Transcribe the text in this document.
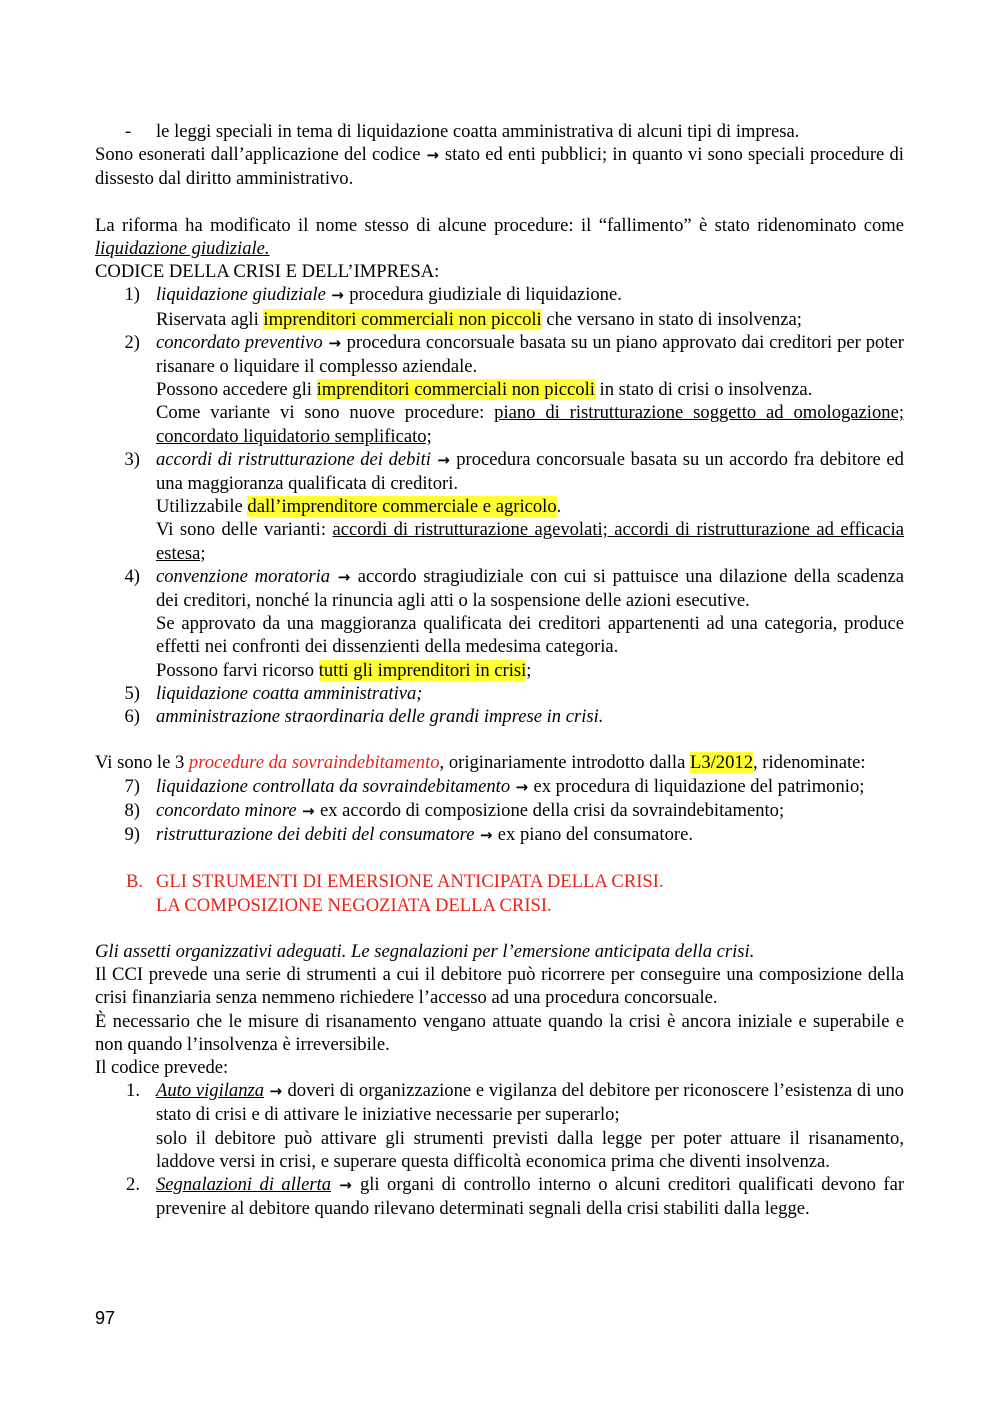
-	le leggi speciali in tema di liquidazione coatta amministrativa di alcuni tipi di impresa.

Sono esonerati dall’applicazione del codice → stato ed enti pubblici; in quanto vi sono speciali procedure di dissesto dal diritto amministrativo.

La riforma ha modificato il nome stesso di alcune procedure: il “fallimento” è stato ridenominato come liquidazione giudiziale.

CODICE DELLA CRISI E DELL’IMPRESA:

1) liquidazione giudiziale → procedura giudiziale di liquidazione.
Riservata agli imprenditori commerciali non piccoli che versano in stato di insolvenza;
2) concordato preventivo → procedura concorsuale basata su un piano approvato dai creditori per poter risanare o liquidare il complesso aziendale.
Possono accedere gli imprenditori commerciali non piccoli in stato di crisi o insolvenza.
Come variante vi sono nuove procedure: piano di ristrutturazione soggetto ad omologazione; concordato liquidatorio semplificato;
3) accordi di ristrutturazione dei debiti → procedura concorsuale basata su un accordo fra debitore ed una maggioranza qualificata di creditori.
Utilizzabile dall’imprenditore commerciale e agricolo.
Vi sono delle varianti: accordi di ristrutturazione agevolati; accordi di ristrutturazione ad efficacia estesa;
4) convenzione moratoria → accordo stragiudiziale con cui si pattuisce una dilazione della scadenza dei creditori, nonché la rinuncia agli atti o la sospensione delle azioni esecutive.
Se approvato da una maggioranza qualificata dei creditori appartenenti ad una categoria, produce effetti nei confronti dei dissenzienti della medesima categoria.
Possono farvi ricorso tutti gli imprenditori in crisi;
5) liquidazione coatta amministrativa;
6) amministrazione straordinaria delle grandi imprese in crisi.

Vi sono le 3 procedure da sovraindebitamento, originariamente introdotto dalla L3/2012, ridenominate:

7) liquidazione controllata da sovraindebitamento → ex procedura di liquidazione del patrimonio;
8) concordato minore → ex accordo di composizione della crisi da sovraindebitamento;
9) ristrutturazione dei debiti del consumatore → ex piano del consumatore.
B. GLI STRUMENTI DI EMERSIONE ANTICIPATA DELLA CRISI.
LA COMPOSIZIONE NEGOZIATA DELLA CRISI.

Gli assetti organizzativi adeguati. Le segnalazioni per l’emersione anticipata della crisi.

Il CCI prevede una serie di strumenti a cui il debitore può ricorrere per conseguire una composizione della crisi finanziaria senza nemmeno richiedere l’accesso ad una procedura concorsuale.

È necessario che le misure di risanamento vengano attuate quando la crisi è ancora iniziale e superabile e non quando l’insolvenza è irreversibile.

Il codice prevede:

1. Auto vigilanza → doveri di organizzazione e vigilanza del debitore per riconoscere l’esistenza di uno stato di crisi e di attivare le iniziative necessarie per superarlo;
solo il debitore può attivare gli strumenti previsti dalla legge per poter attuare il risanamento, laddove versi in crisi, e superare questa difficoltà economica prima che diventi insolvenza.
2. Segnalazioni di allerta → gli organi di controllo interno o alcuni creditori qualificati devono far prevenire al debitore quando rilevano determinati segnali della crisi stabiliti dalla legge.
97
